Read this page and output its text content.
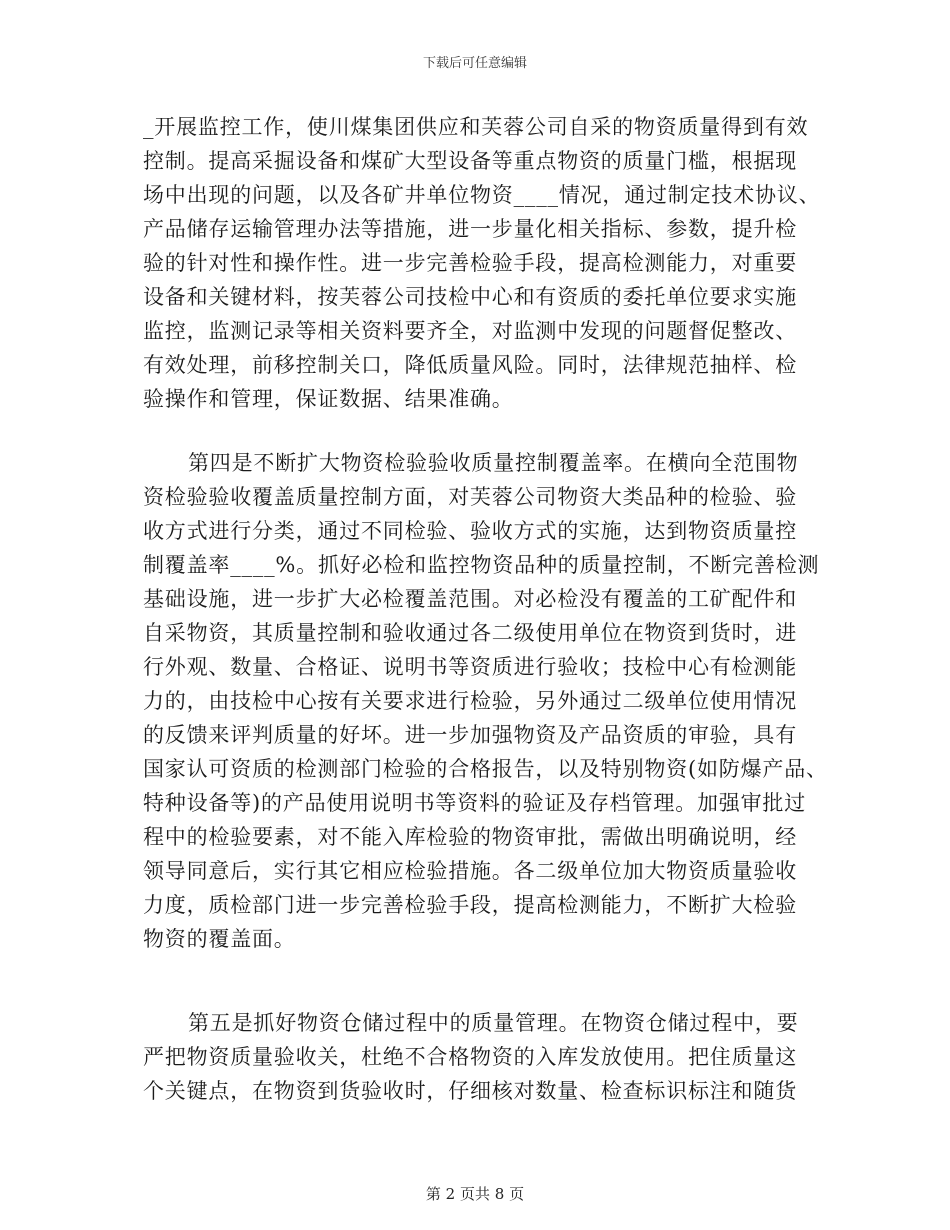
下载后可任意编辑
_开展监控工作，使川煤集团供应和芙蓉公司自采的物资质量得到有效
控制。提高采掘设备和煤矿大型设备等重点物资的质量门槛，根据现
场中出现的问题，以及各矿井单位物资____情况，通过制定技术协议、
产品储存运输管理办法等措施，进一步量化相关指标、参数，提升检
验的针对性和操作性。进一步完善检验手段，提高检测能力，对重要
设备和关键材料，按芙蓉公司技检中心和有资质的委托单位要求实施
监控，监测记录等相关资料要齐全，对监测中发现的问题督促整改、
有效处理，前移控制关口，降低质量风险。同时，法律规范抽样、检
验操作和管理，保证数据、结果准确。
第四是不断扩大物资检验验收质量控制覆盖率。在横向全范围物
资检验验收覆盖质量控制方面，对芙蓉公司物资大类品种的检验、验
收方式进行分类，通过不同检验、验收方式的实施，达到物资质量控
制覆盖率____%。抓好必检和监控物资品种的质量控制，不断完善检测
基础设施，进一步扩大必检覆盖范围。对必检没有覆盖的工矿配件和
自采物资，其质量控制和验收通过各二级使用单位在物资到货时，进
行外观、数量、合格证、说明书等资质进行验收；技检中心有检测能
力的，由技检中心按有关要求进行检验，另外通过二级单位使用情况
的反馈来评判质量的好坏。进一步加强物资及产品资质的审验，具有
国家认可资质的检测部门检验的合格报告，以及特别物资(如防爆产品、
特种设备等)的产品使用说明书等资料的验证及存档管理。加强审批过
程中的检验要素，对不能入库检验的物资审批，需做出明确说明，经
领导同意后，实行其它相应检验措施。各二级单位加大物资质量验收
力度，质检部门进一步完善检验手段，提高检测能力，不断扩大检验
物资的覆盖面。
第五是抓好物资仓储过程中的质量管理。在物资仓储过程中，要
严把物资质量验收关，杜绝不合格物资的入库发放使用。把住质量这
个关键点，在物资到货验收时，仔细核对数量、检查标识标注和随货
第 2 页共 8 页
